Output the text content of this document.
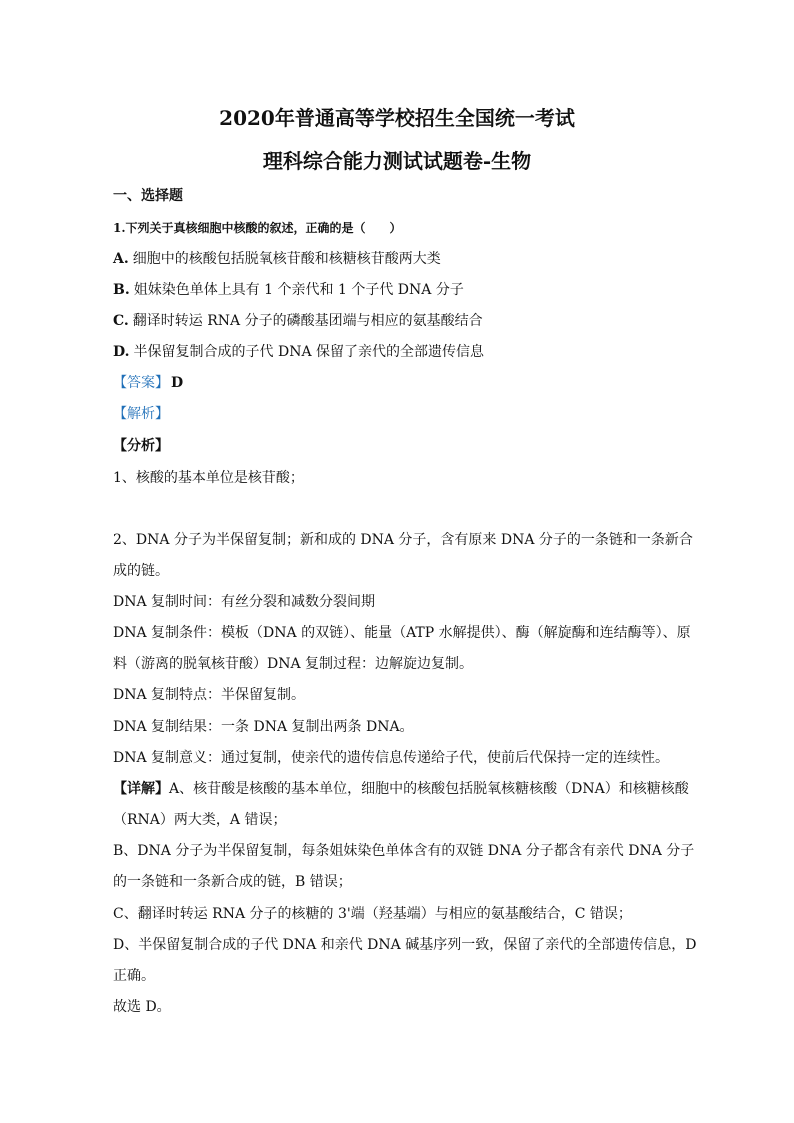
2020年普通高等学校招生全国统一考试
理科综合能力测试试题卷-生物
一、选择题
1.下列关于真核细胞中核酸的叙述，正确的是（　　）
A. 细胞中的核酸包括脱氧核苷酸和核糖核苷酸两大类
B. 姐妹染色单体上具有 1 个亲代和 1 个子代 DNA 分子
C. 翻译时转运 RNA 分子的磷酸基团端与相应的氨基酸结合
D. 半保留复制合成的子代 DNA 保留了亲代的全部遗传信息
【答案】 D
【解析】
【分析】
1、核酸的基本单位是核苷酸；
2、DNA 分子为半保留复制；新和成的 DNA 分子，含有原来 DNA 分子的一条链和一条新合
成的链。
DNA 复制时间：有丝分裂和减数分裂间期
DNA 复制条件：模板（DNA 的双链）、能量（ATP 水解提供）、酶（解旋酶和连结酶等）、原
料（游离的脱氧核苷酸）DNA 复制过程：边解旋边复制。
DNA 复制特点：半保留复制。
DNA 复制结果：一条 DNA 复制出两条 DNA。
DNA 复制意义：通过复制，使亲代的遗传信息传递给子代，使前后代保持一定的连续性。
【详解】A、核苷酸是核酸的基本单位，细胞中的核酸包括脱氧核糖核酸（DNA）和核糖核酸
（RNA）两大类，A 错误；
B、DNA 分子为半保留复制，每条姐妹染色单体含有的双链 DNA 分子都含有亲代 DNA 分子
的一条链和一条新合成的链，B 错误；
C、翻译时转运 RNA 分子的核糖的 3'端（羟基端）与相应的氨基酸结合，C 错误；
D、半保留复制合成的子代 DNA 和亲代 DNA 碱基序列一致，保留了亲代的全部遗传信息，D
正确。
故选 D。
